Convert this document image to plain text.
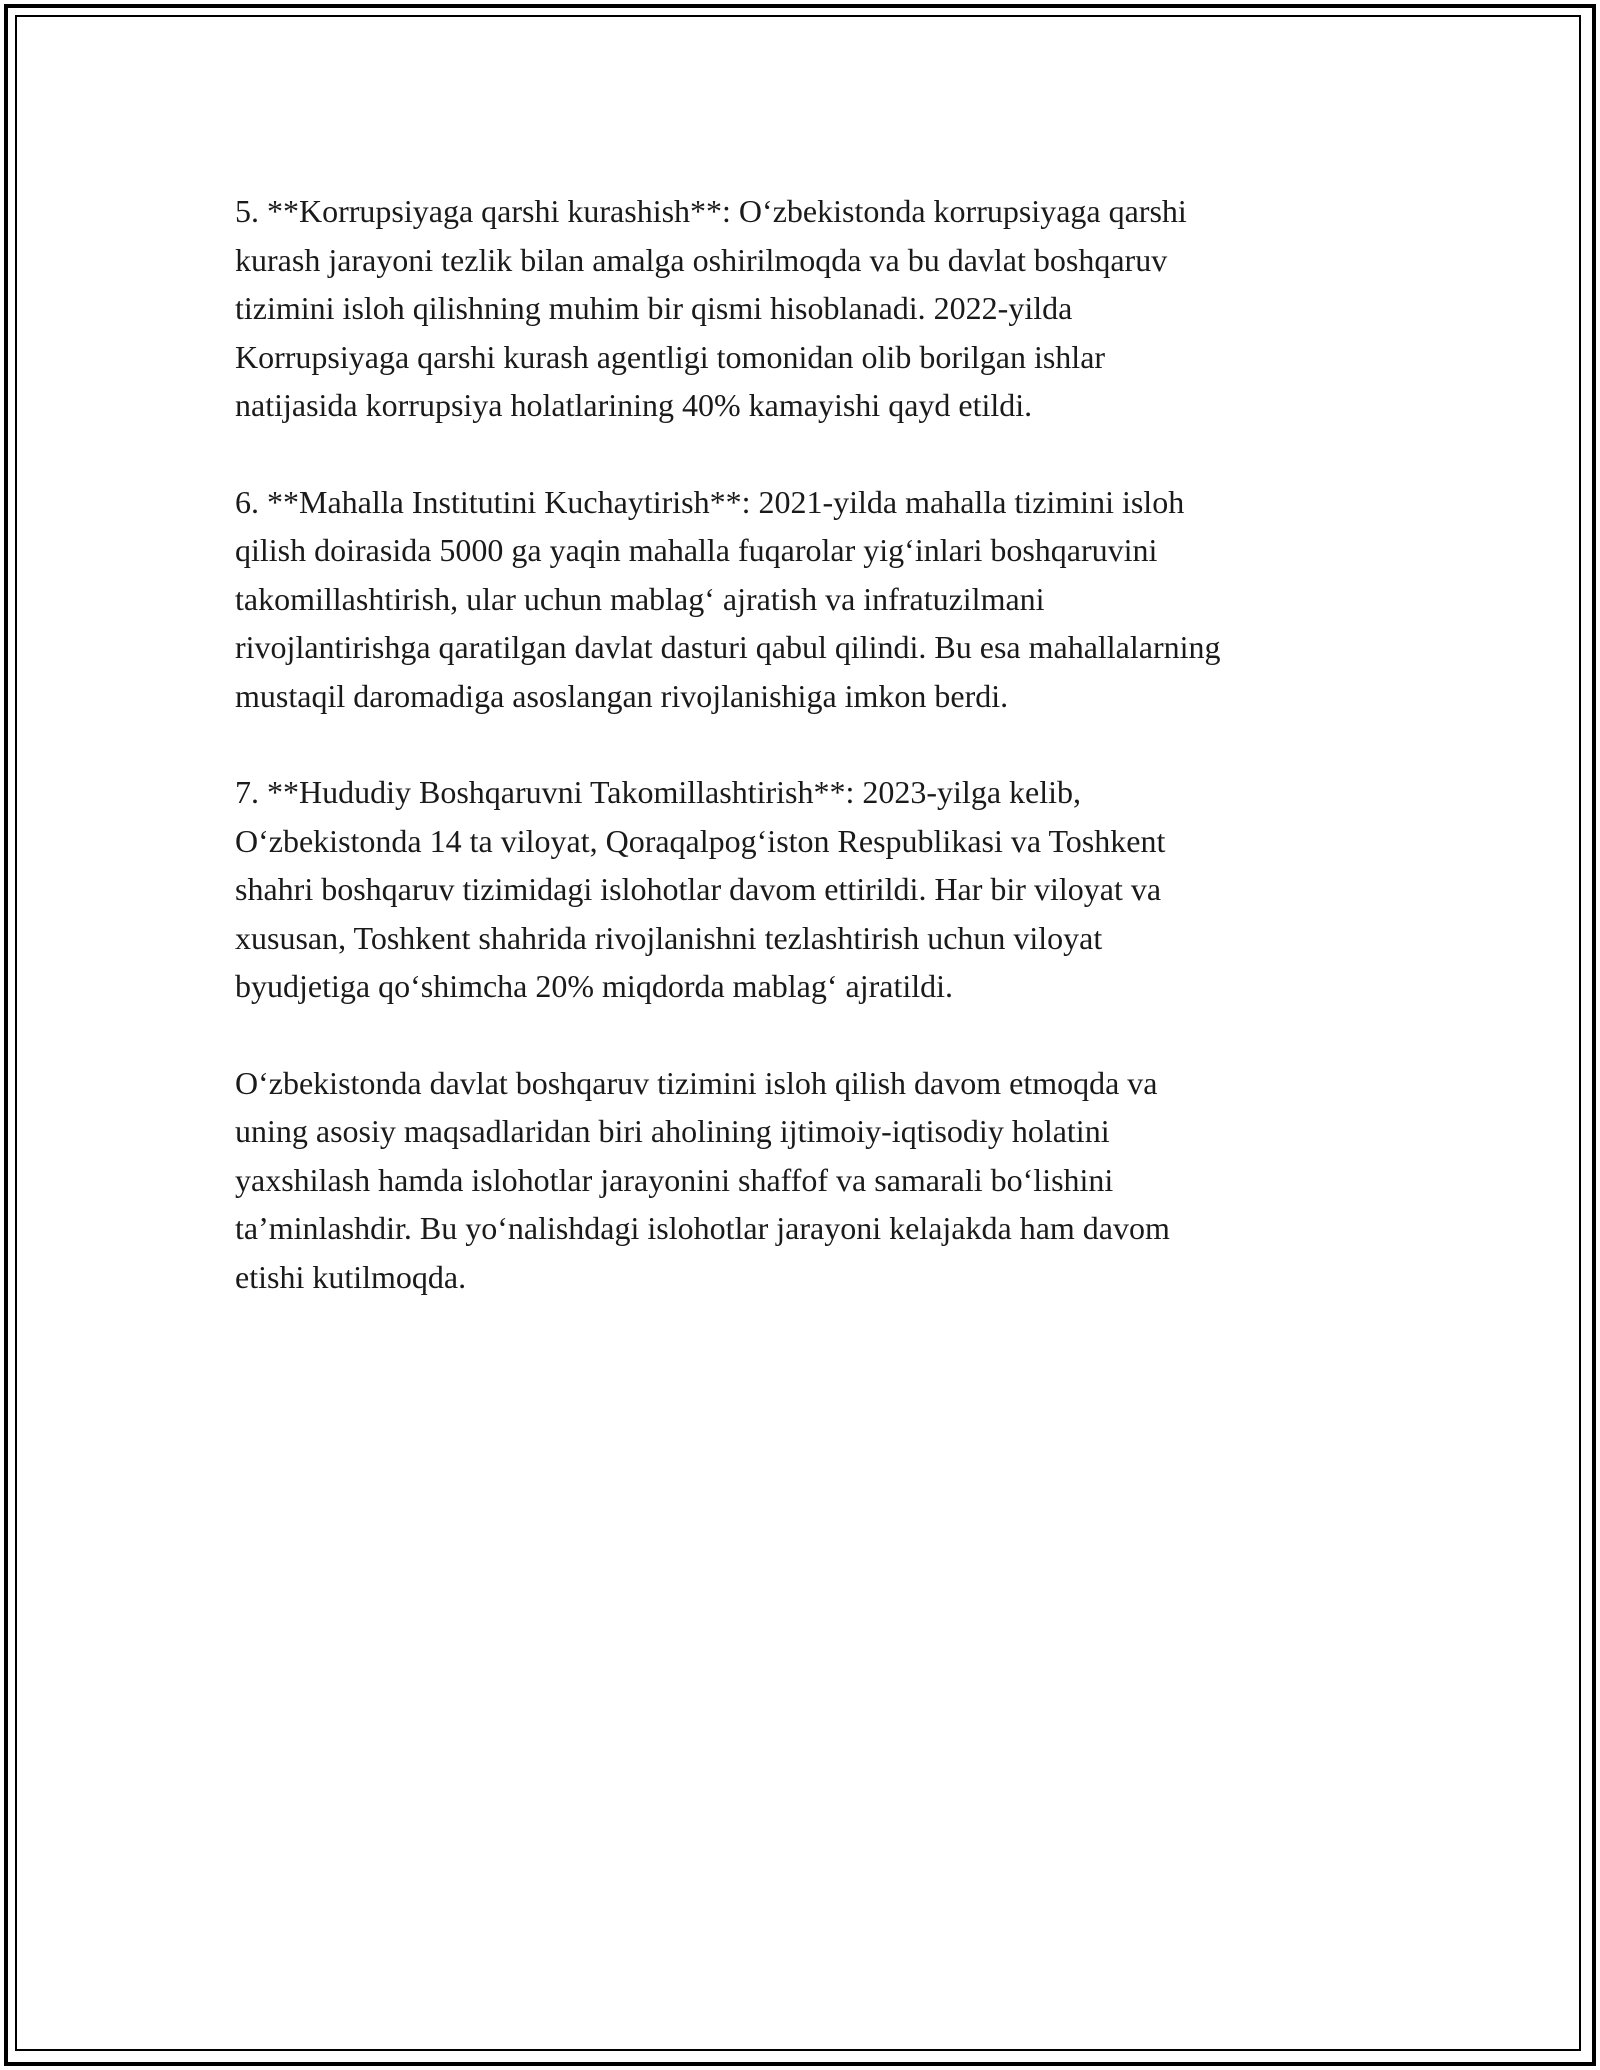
5. **Korrupsiyaga qarshi kurashish**: O‘zbekistonda korrupsiyaga qarshi
kurash jarayoni tezlik bilan amalga oshirilmoqda va bu davlat boshqaruv
tizimini isloh qilishning muhim bir qismi hisoblanadi. 2022-yilda
Korrupsiyaga qarshi kurash agentligi tomonidan olib borilgan ishlar
natijasida korrupsiya holatlarining 40% kamayishi qayd etildi.

6. **Mahalla Institutini Kuchaytirish**: 2021-yilda mahalla tizimini isloh
qilish doirasida 5000 ga yaqin mahalla fuqarolar yig‘inlari boshqaruvini
takomillashtirish, ular uchun mablag‘ ajratish va infratuzilmani
rivojlantirishga qaratilgan davlat dasturi qabul qilindi. Bu esa mahallalarning
mustaqil daromadiga asoslangan rivojlanishiga imkon berdi.

7. **Hududiy Boshqaruvni Takomillashtirish**: 2023-yilga kelib,
O‘zbekistonda 14 ta viloyat, Qoraqalpog‘iston Respublikasi va Toshkent
shahri boshqaruv tizimidagi islohotlar davom ettirildi. Har bir viloyat va
xususan, Toshkent shahrida rivojlanishni tezlashtirish uchun viloyat
byudjetiga qo‘shimcha 20% miqdorda mablag‘ ajratildi.

O‘zbekistonda davlat boshqaruv tizimini isloh qilish davom etmoqda va
uning asosiy maqsadlaridan biri aholining ijtimoiy-iqtisodiy holatini
yaxshilash hamda islohotlar jarayonini shaffof va samarali bo‘lishini
ta’minlashdir. Bu yo‘nalishdagi islohotlar jarayoni kelajakda ham davom
etishi kutilmoqda.
